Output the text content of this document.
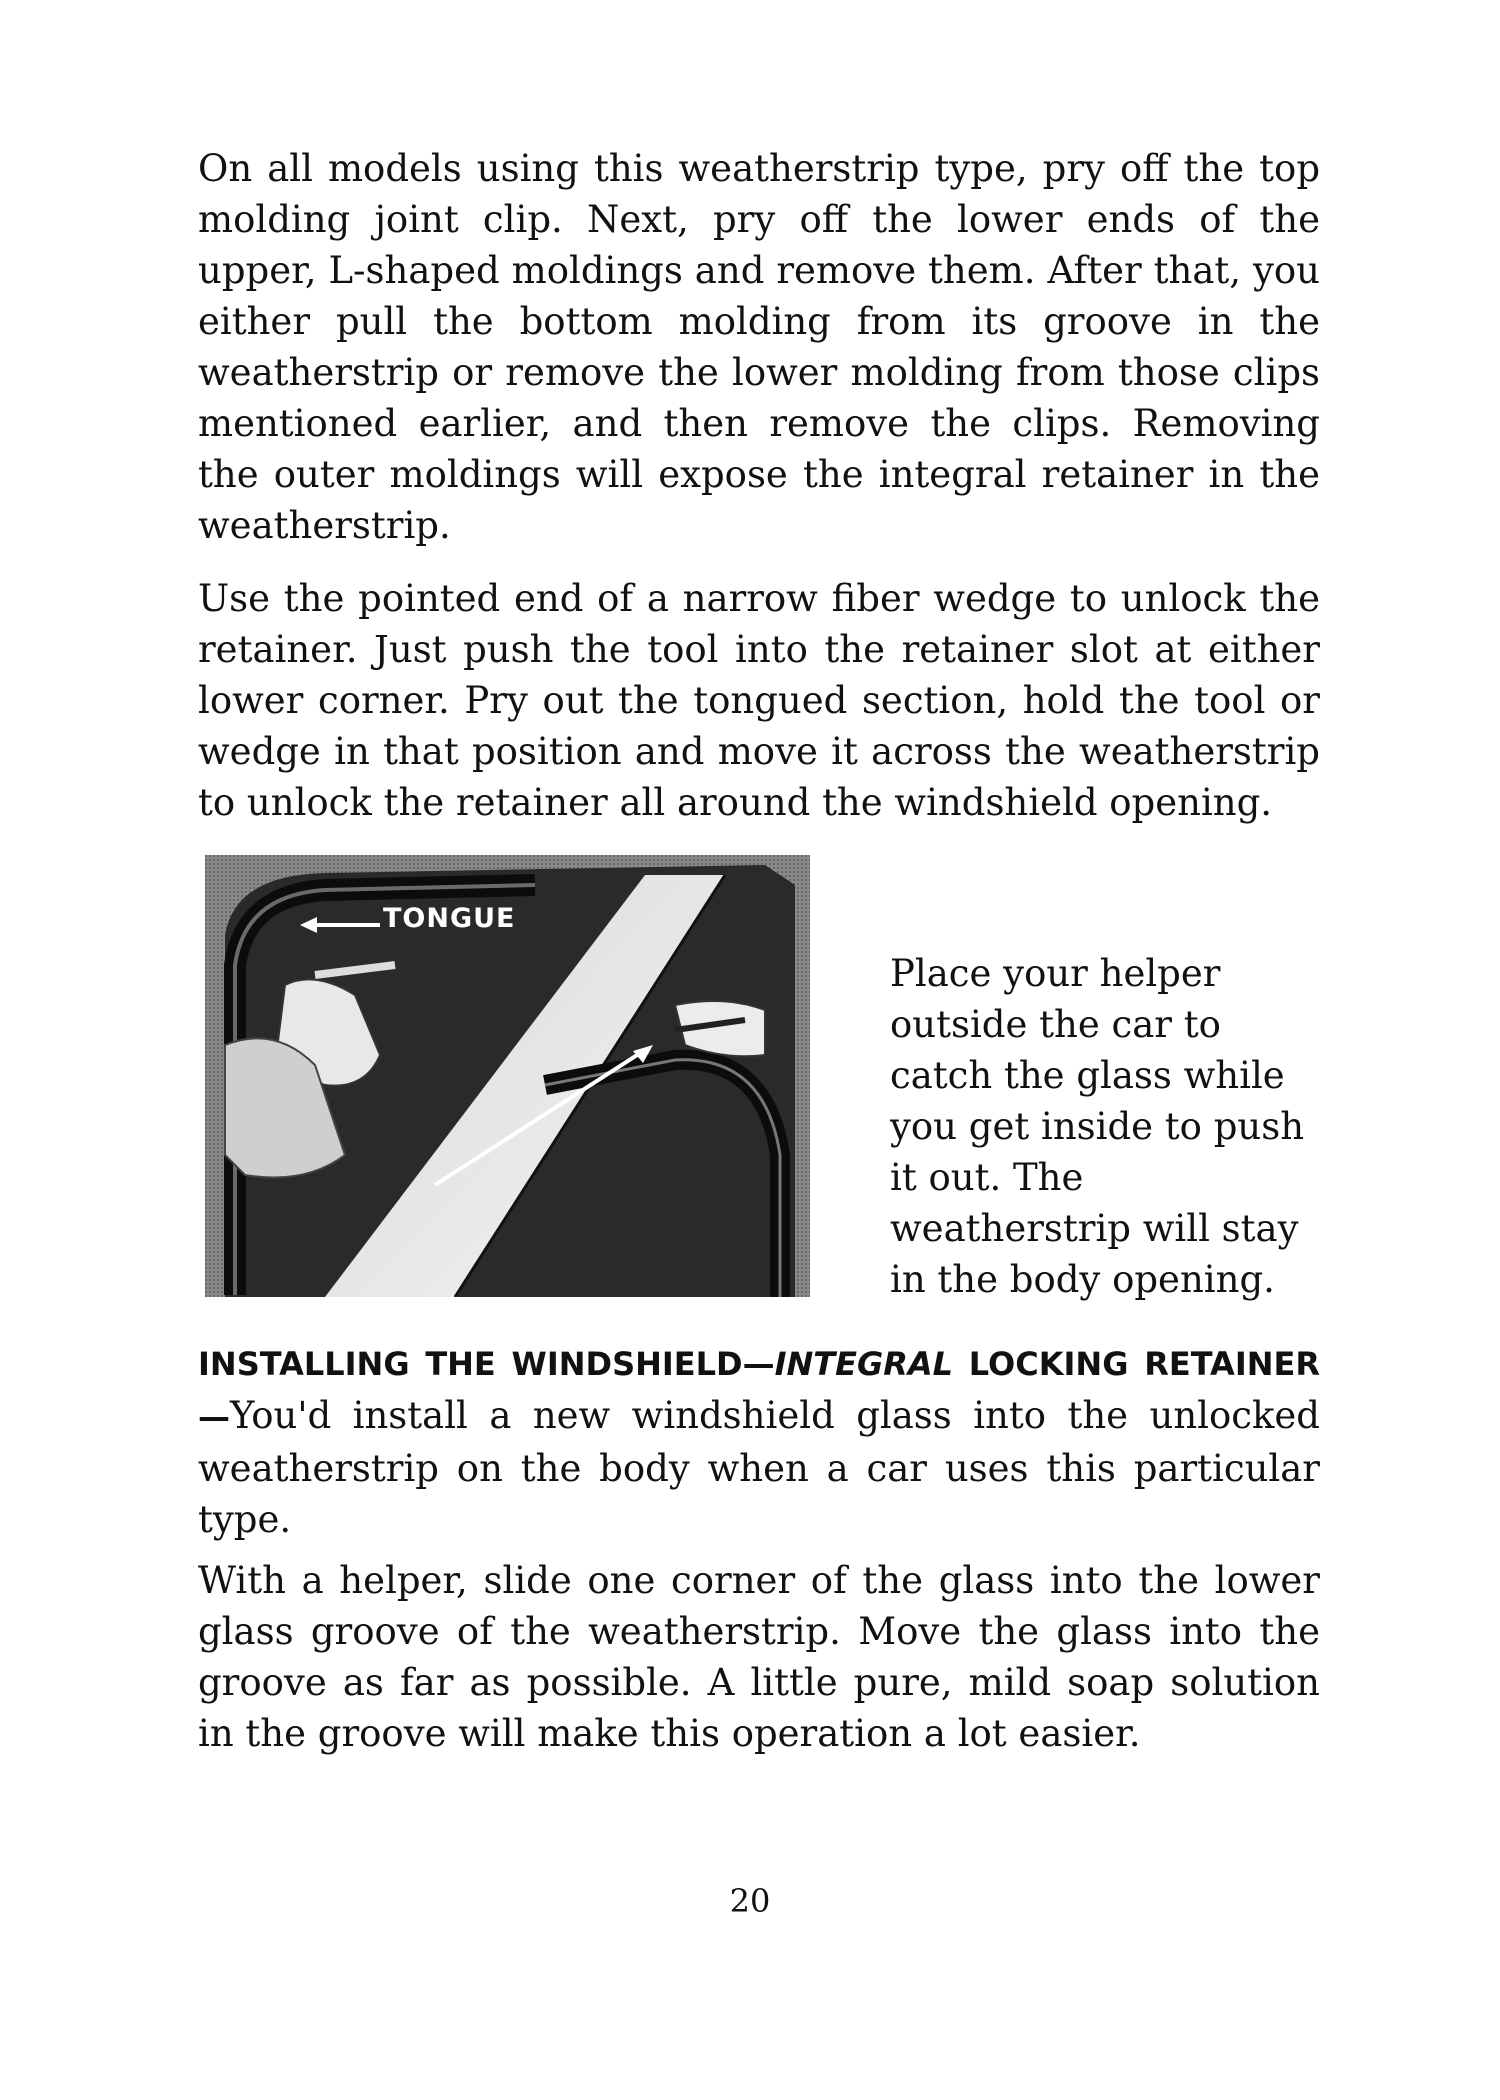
On all models using this weatherstrip type, pry off the top molding joint clip. Next, pry off the lower ends of the upper, L-shaped moldings and remove them. After that, you either pull the bottom molding from its groove in the weatherstrip or remove the lower molding from those clips mentioned earlier, and then remove the clips. Removing the outer moldings will expose the integral retainer in the weatherstrip.

Use the pointed end of a narrow fiber wedge to unlock the retainer. Just push the tool into the retainer slot at either lower corner. Pry out the tongued section, hold the tool or wedge in that position and move it across the weatherstrip to unlock the retainer all around the windshield opening.

TONGUE

Place your helper outside the car to catch the glass while you get inside to push it out. The weatherstrip will stay in the body opening.

INSTALLING THE WINDSHIELD—INTEGRAL LOCKING RETAINER—You'd install a new windshield glass into the unlocked weatherstrip on the body when a car uses this particular type.

With a helper, slide one corner of the glass into the lower glass groove of the weatherstrip. Move the glass into the groove as far as possible. A little pure, mild soap solution in the groove will make this operation a lot easier.

20
